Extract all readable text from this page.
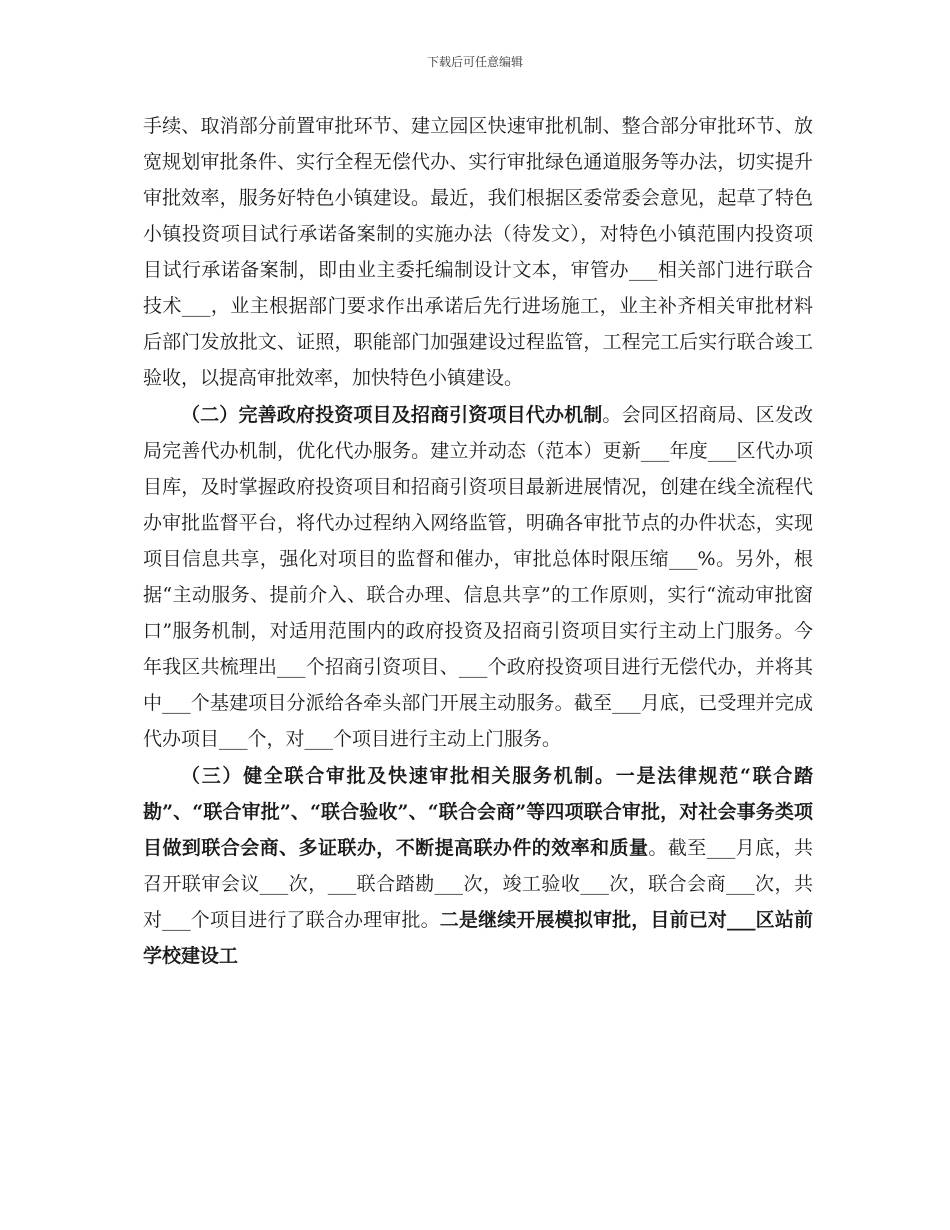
下载后可任意编辑

手续、取消部分前置审批环节、建立园区快速审批机制、整合部分审批环节、放宽规划审批条件、实行全程无偿代办、实行审批绿色通道服务等办法，切实提升审批效率，服务好特色小镇建设。最近，我们根据区委常委会意见，起草了特色小镇投资项目试行承诺备案制的实施办法（待发文），对特色小镇范围内投资项目试行承诺备案制，即由业主委托编制设计文本，审管办___相关部门进行联合技术___，业主根据部门要求作出承诺后先行进场施工，业主补齐相关审批材料后部门发放批文、证照，职能部门加强建设过程监管，工程完工后实行联合竣工验收，以提高审批效率，加快特色小镇建设。

（二）完善政府投资项目及招商引资项目代办机制。会同区招商局、区发改局完善代办机制，优化代办服务。建立并动态（范本）更新___年度___区代办项目库，及时掌握政府投资项目和招商引资项目最新进展情况，创建在线全流程代办审批监督平台，将代办过程纳入网络监管，明确各审批节点的办件状态，实现项目信息共享，强化对项目的监督和催办，审批总体时限压缩___%。另外，根据“主动服务、提前介入、联合办理、信息共享”的工作原则，实行“流动审批窗口”服务机制，对适用范围内的政府投资及招商引资项目实行主动上门服务。今年我区共梳理出___个招商引资项目、___个政府投资项目进行无偿代办，并将其中___个基建项目分派给各牵头部门开展主动服务。截至___月底，已受理并完成代办项目___个，对___个项目进行主动上门服务。

（三）健全联合审批及快速审批相关服务机制。一是法律规范“联合踏勘”、“联合审批”、“联合验收”、“联合会商”等四项联合审批，对社会事务类项目做到联合会商、多证联办，不断提高联办件的效率和质量。截至___月底，共召开联审会议___次，___联合踏勘___次，竣工验收___次，联合会商___次，共对___个项目进行了联合办理审批。二是继续开展模拟审批，目前已对___区站前学校建设工
